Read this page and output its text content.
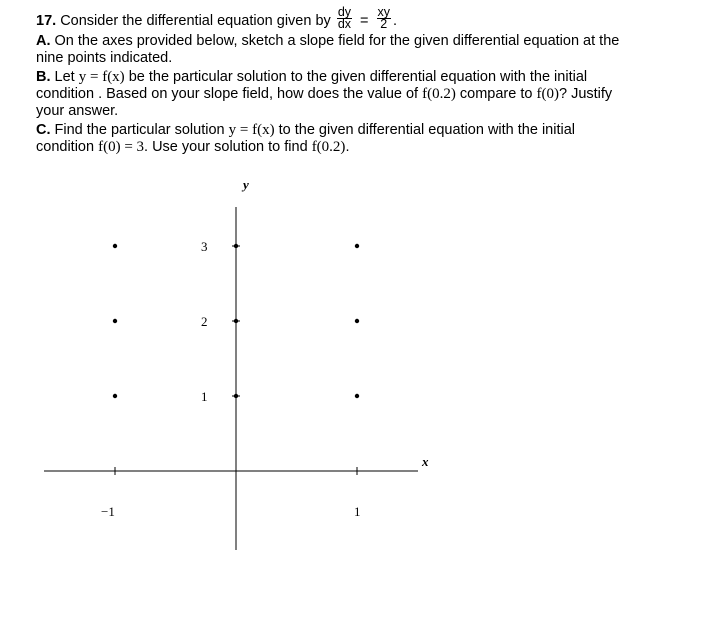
17. Consider the differential equation given by $\frac{dy}{dx} = \frac{xy}{2}$ .
A. On the axes provided below, sketch a slope field for the given differential equation at the
nine points indicated.
B. Let y = f(x) be the particular solution to the given differential equation with the initial
condition . Based on your slope field, how does the value of f(0.2) compare to f(0)? Justify
your answer.
C. Find the particular solution y = f(x) to the given differential equation with the initial
condition f(0) = 3. Use your solution to find f(0.2).
x
y
−1	1
1
2
3
